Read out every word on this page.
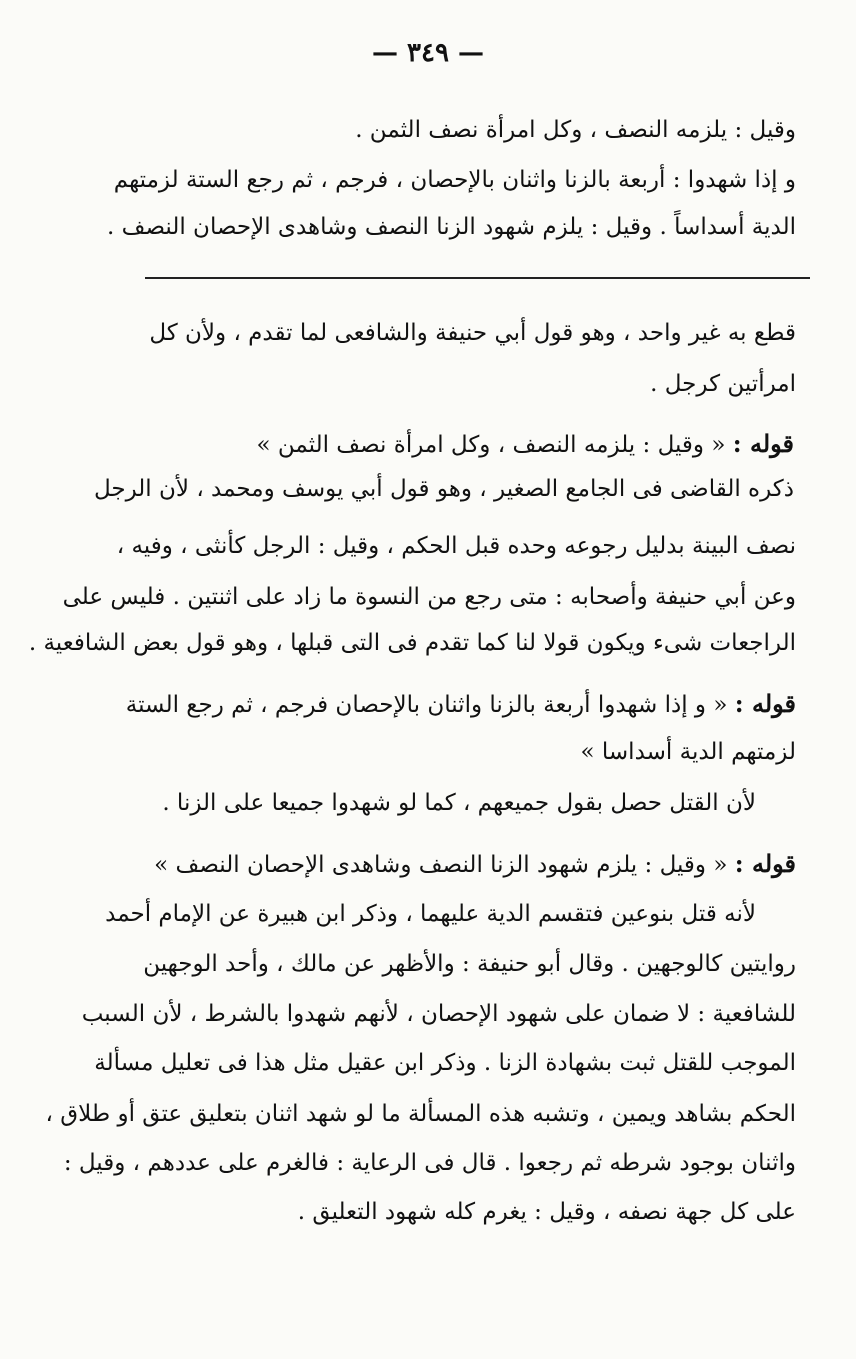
— ٣٤٩ —
وقيل : يلزمه النصف ، وكل امرأة نصف الثمن .
و إذا شهدوا : أربعة بالزنا واثنان بالإحصان ، فرجم ، ثم رجع الستة لزمتهم
الدية أسداساً . وقيل : يلزم شهود الزنا النصف وشاهدى الإحصان النصف .
قطع به غير واحد ، وهو قول أبي حنيفة والشافعى لما تقدم ، ولأن كل
امرأتين كرجل .
قوله : « وقيل : يلزمه النصف ، وكل امرأة نصف الثمن »
ذكره القاضى فى الجامع الصغير ، وهو قول أبي يوسف ومحمد ، لأن الرجل
نصف البينة بدليل رجوعه وحده قبل الحكم ، وقيل : الرجل كأنثى ، وفيه ،
وعن أبي حنيفة وأصحابه : متى رجع من النسوة ما زاد على اثنتين . فليس على
الراجعات شىء ويكون قولا لنا كما تقدم فى التى قبلها ، وهو قول بعض الشافعية .
قوله : « و إذا شهدوا أربعة بالزنا واثنان بالإحصان فرجم ، ثم رجع الستة
لزمتهم الدية أسداسا »
لأن القتل حصل بقول جميعهم ، كما لو شهدوا جميعا على الزنا .
قوله : « وقيل : يلزم شهود الزنا النصف وشاهدى الإحصان النصف »
لأنه قتل بنوعين فتقسم الدية عليهما ، وذكر ابن هبيرة عن الإمام أحمد
روايتين كالوجهين . وقال أبو حنيفة : والأظهر عن مالك ، وأحد الوجهين
للشافعية : لا ضمان على شهود الإحصان ، لأنهم شهدوا بالشرط ، لأن السبب
الموجب للقتل ثبت بشهادة الزنا . وذكر ابن عقيل مثل هذا فى تعليل مسألة
الحكم بشاهد ويمين ، وتشبه هذه المسألة ما لو شهد اثنان بتعليق عتق أو طلاق ،
واثنان بوجود شرطه ثم رجعوا . قال فى الرعاية : فالغرم على عددهم ، وقيل :
على كل جهة نصفه ، وقيل : يغرم كله شهود التعليق .
